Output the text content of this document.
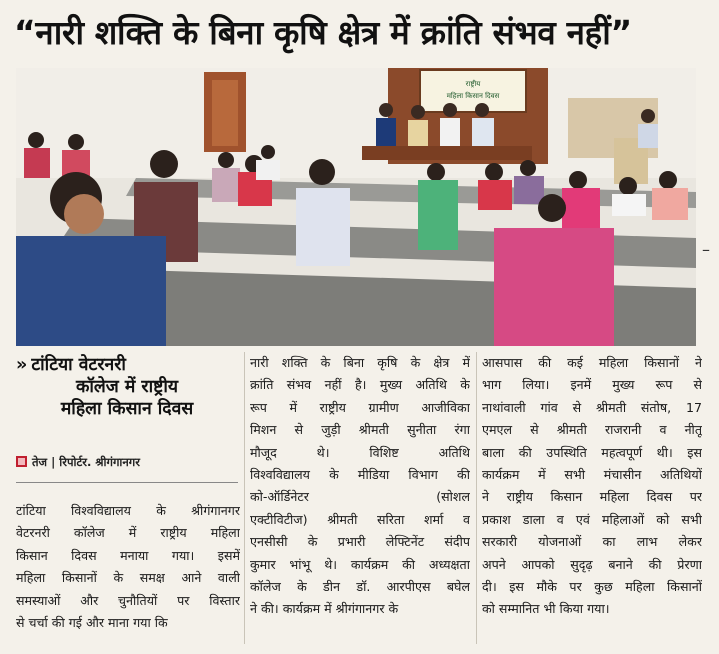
“नारी शक्ति के बिना कृषि क्षेत्र में क्रांति संभव नहीं”
राष्ट्रीय
महिला किसान दिवस
–
» टांटिया वेटरनरी
कॉलेज में राष्ट्रीय
महिला किसान दिवस
तेज | रिपोर्टर. श्रीगंगानगर
टांटिया विश्वविद्यालय के श्रीगंगानगर
वेटरनरी कॉलेज में राष्ट्रीय महिला
किसान दिवस मनाया गया। इसमें
महिला किसानों के समक्ष आने वाली
समस्याओं और चुनौतियों पर विस्तार
से चर्चा की गई और माना गया कि
नारी शक्ति के बिना कृषि के क्षेत्र में
क्रांति संभव नहीं है। मुख्य अतिथि के
रूप में राष्ट्रीय ग्रामीण आजीविका
मिशन से जुड़ी श्रीमती सुनीता रंगा
मौजूद थे। विशिष्ट अतिथि
विश्वविद्यालय के मीडिया विभाग की
को-ऑर्डिनेटर (सोशल
एक्टीविटीज) श्रीमती सरिता शर्मा व
एनसीसी के प्रभारी लेफ्टिनेंट संदीप
कुमार भांभू थे। कार्यक्रम की अध्यक्षता
कॉलेज के डीन डॉ. आरपीएस बघेल
ने की। कार्यक्रम में श्रीगंगानगर के
आसपास की कई महिला किसानों ने
भाग लिया। इनमें मुख्य रूप से
नाथांवाली गांव से श्रीमती संतोष, 17
एमएल से श्रीमती राजरानी व नीतू
बाला की उपस्थिति महत्वपूर्ण थी। इस
कार्यक्रम में सभी मंचासीन अतिथियों
ने राष्ट्रीय किसान महिला दिवस पर
प्रकाश डाला व एवं महिलाओं को सभी
सरकारी योजनाओं का लाभ लेकर
अपने आपको सुदृढ़ बनाने की प्रेरणा
दी। इस मौके पर कुछ महिला किसानों
को सम्मानित भी किया गया।
